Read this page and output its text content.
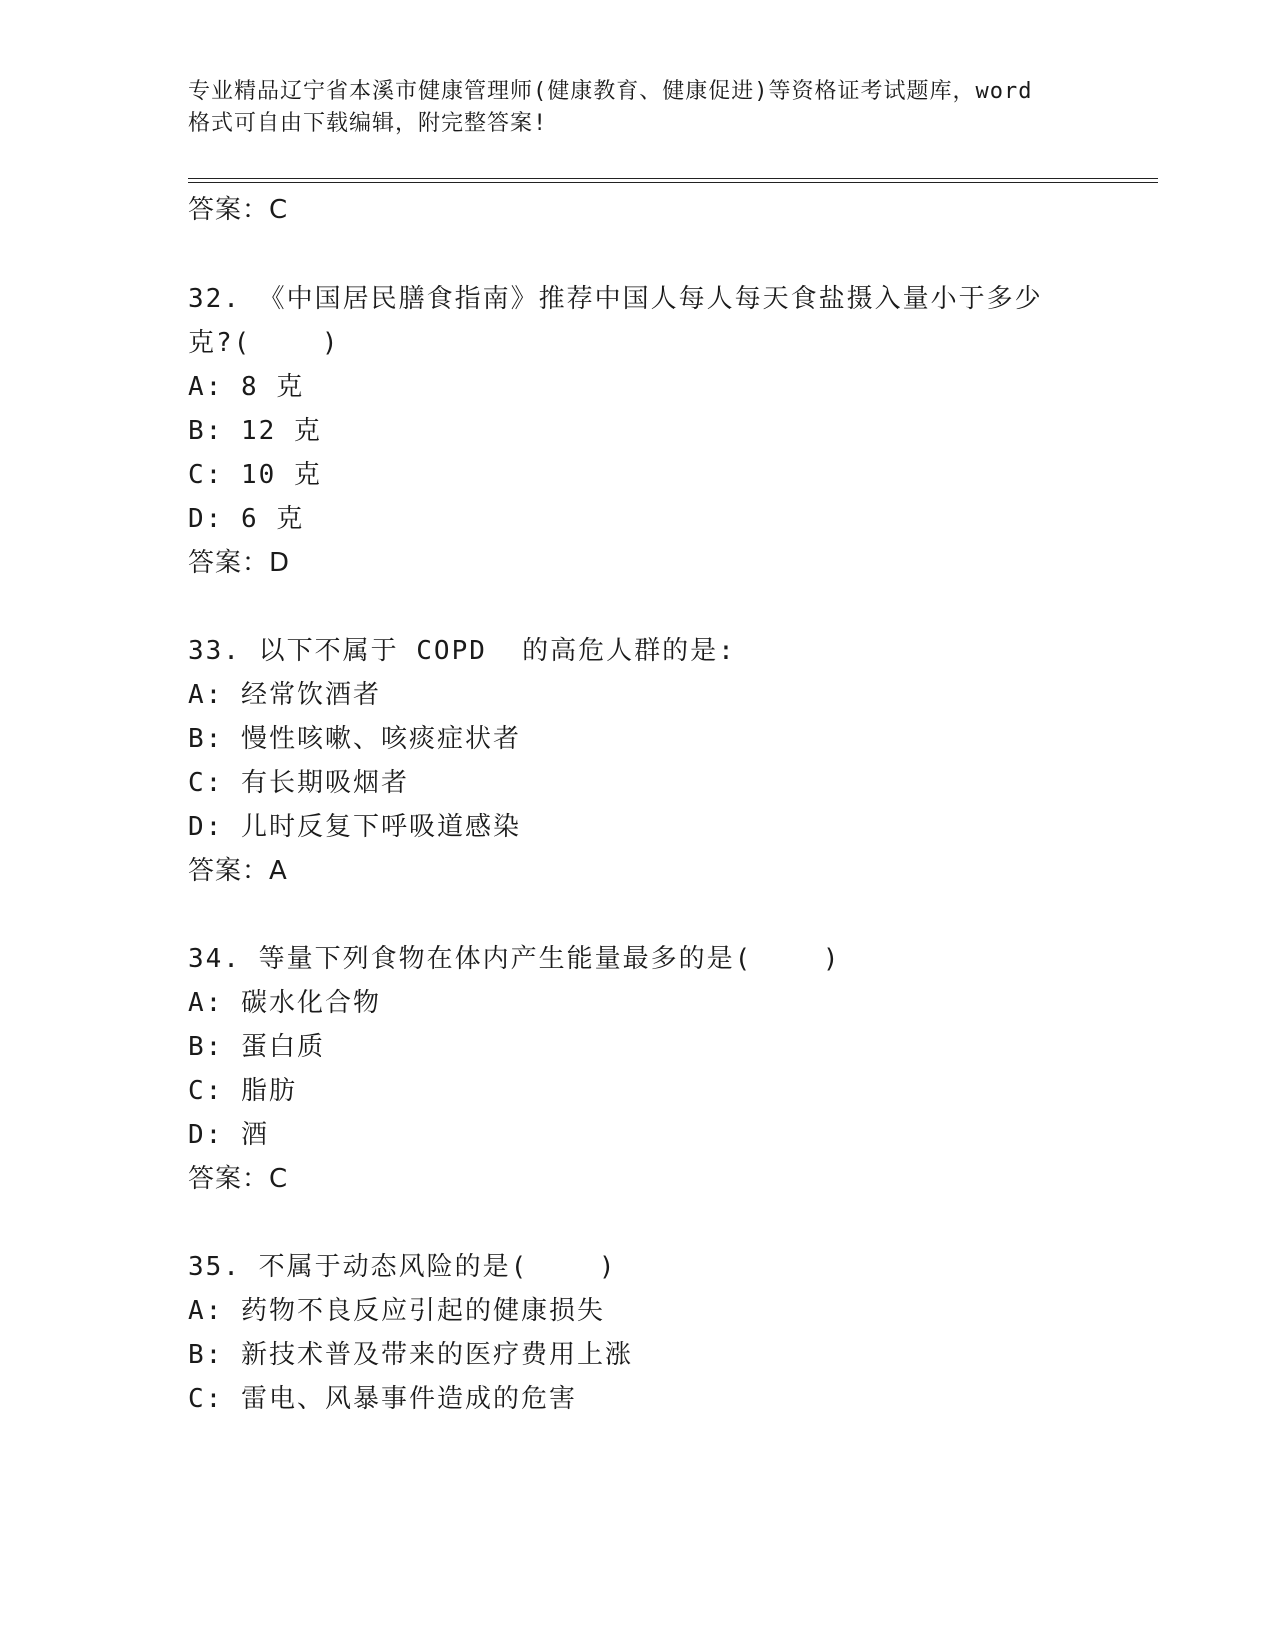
专业精品辽宁省本溪市健康管理师(健康教育、健康促进)等资格证考试题库，word
格式可自由下载编辑，附完整答案!
答案：C
32. 《中国居民膳食指南》推荐中国人每人每天食盐摄入量小于多少
克?(    )
A: 8 克
B: 12 克
C: 10 克
D: 6 克
答案：D
33. 以下不属于 COPD  的高危人群的是:
A: 经常饮酒者
B: 慢性咳嗽、咳痰症状者
C: 有长期吸烟者
D: 儿时反复下呼吸道感染
答案：A
34. 等量下列食物在体内产生能量最多的是(    )
A: 碳水化合物
B: 蛋白质
C: 脂肪
D: 酒
答案：C
35. 不属于动态风险的是(    )
A: 药物不良反应引起的健康损失
B: 新技术普及带来的医疗费用上涨
C: 雷电、风暴事件造成的危害
